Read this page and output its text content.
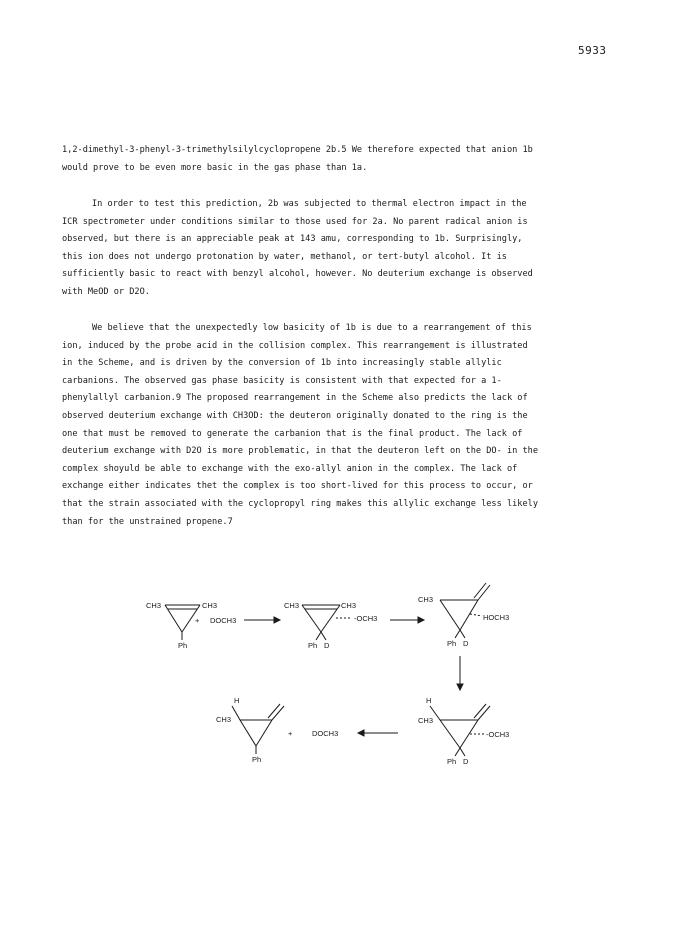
5933
1,2-dimethyl-3-phenyl-3-trimethylsilylcyclopropene 2b.5 We therefore expected that anion 1b
would prove to be even more basic in the gas phase than 1a.
In order to test this prediction, 2b was subjected to thermal electron impact in the
ICR spectrometer under conditions similar to those used for 2a. No parent radical anion is
observed, but there is an appreciable peak at 143 amu, corresponding to 1b. Surprisingly,
this ion does not undergo protonation by water, methanol, or tert-butyl alcohol. It is
sufficiently basic to react with benzyl alcohol, however. No deuterium exchange is observed
with MeOD or D2O.
We believe that the unexpectedly low basicity of 1b is due to a rearrangement of this
ion, induced by the probe acid in the collision complex. This rearrangement is illustrated
in the Scheme, and is driven by the conversion of 1b into increasingly stable allylic
carbanions. The observed gas phase basicity is consistent with that expected for a 1-
phenylallyl carbanion.9 The proposed rearrangement in the Scheme also predicts the lack of
observed deuterium exchange with CH3OD: the deuteron originally donated to the ring is the
one that must be removed to generate the carbanion that is the final product. The lack of
deuterium exchange with D2O is more problematic, in that the deuteron left on the DO- in the
complex shoyuld be able to exchange with the exo-allyl anion in the complex. The lack of
exchange either indicates thet the complex is too short-lived for this process to occur, or
that the strain associated with the cyclopropyl ring makes this allylic exchange less likely
than for the unstrained propene.7
CH3	CH3
Ph
+ DOCH3
CH3	CH3
Ph D
-OCH3
CH3
HOCH3
Ph D
H
CH3
-OCH3
Ph D
DOCH3
+
H
CH3
Ph
